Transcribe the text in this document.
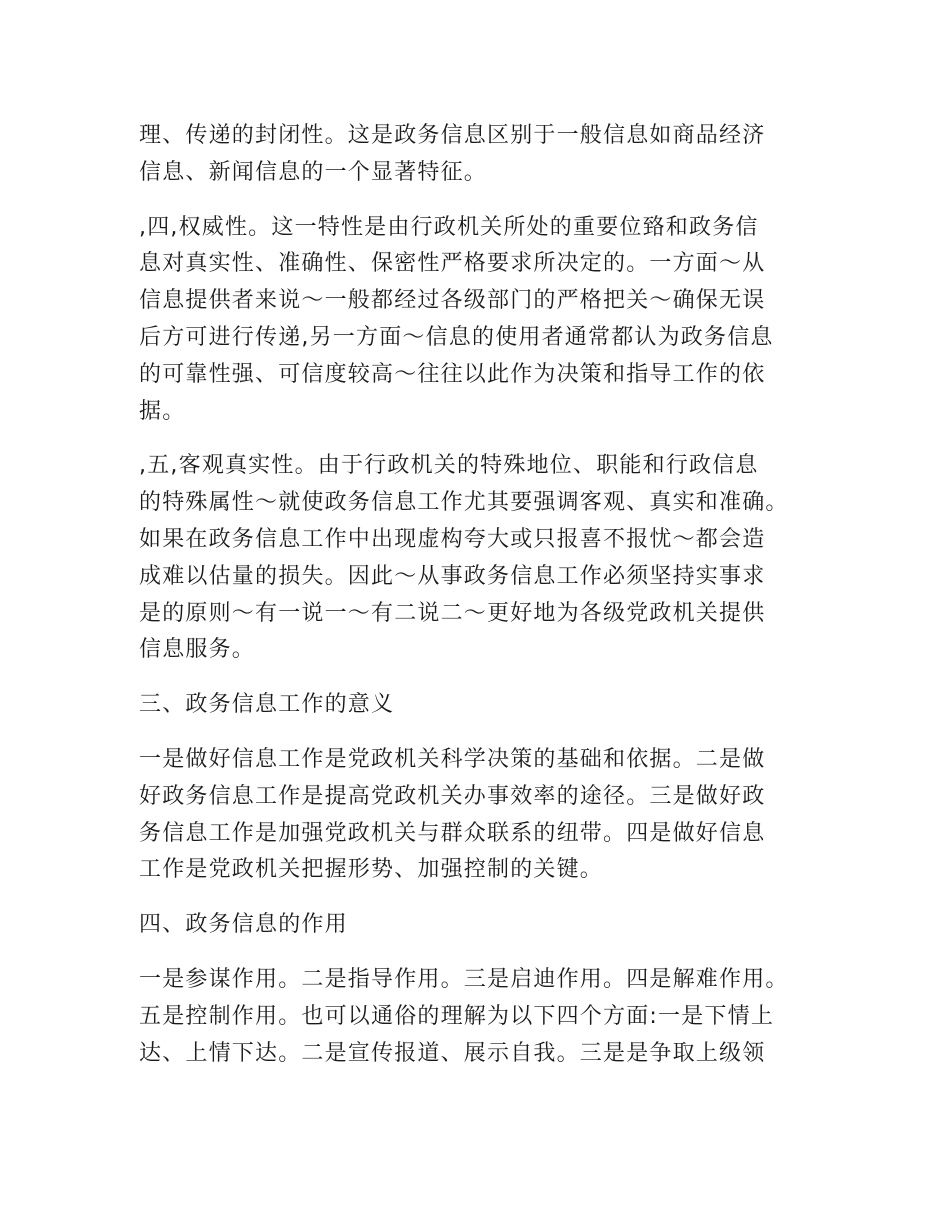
理、传递的封闭性。这是政务信息区别于一般信息如商品经济
信息、新闻信息的一个显著特征。

,四,权威性。这一特性是由行政机关所处的重要位臵和政务信
息对真实性、准确性、保密性严格要求所决定的。一方面～从
信息提供者来说～一般都经过各级部门的严格把关～确保无误
后方可进行传递,另一方面～信息的使用者通常都认为政务信息
的可靠性强、可信度较高～往往以此作为决策和指导工作的依
据。

,五,客观真实性。由于行政机关的特殊地位、职能和行政信息
的特殊属性～就使政务信息工作尤其要强调客观、真实和准确。
如果在政务信息工作中出现虚构夸大或只报喜不报忧～都会造
成难以估量的损失。因此～从事政务信息工作必须坚持实事求
是的原则～有一说一～有二说二～更好地为各级党政机关提供
信息服务。

三、政务信息工作的意义

一是做好信息工作是党政机关科学决策的基础和依据。二是做
好政务信息工作是提高党政机关办事效率的途径。三是做好政
务信息工作是加强党政机关与群众联系的纽带。四是做好信息
工作是党政机关把握形势、加强控制的关键。

四、政务信息的作用

一是参谋作用。二是指导作用。三是启迪作用。四是解难作用。
五是控制作用。也可以通俗的理解为以下四个方面:一是下情上
达、上情下达。二是宣传报道、展示自我。三是是争取上级领
